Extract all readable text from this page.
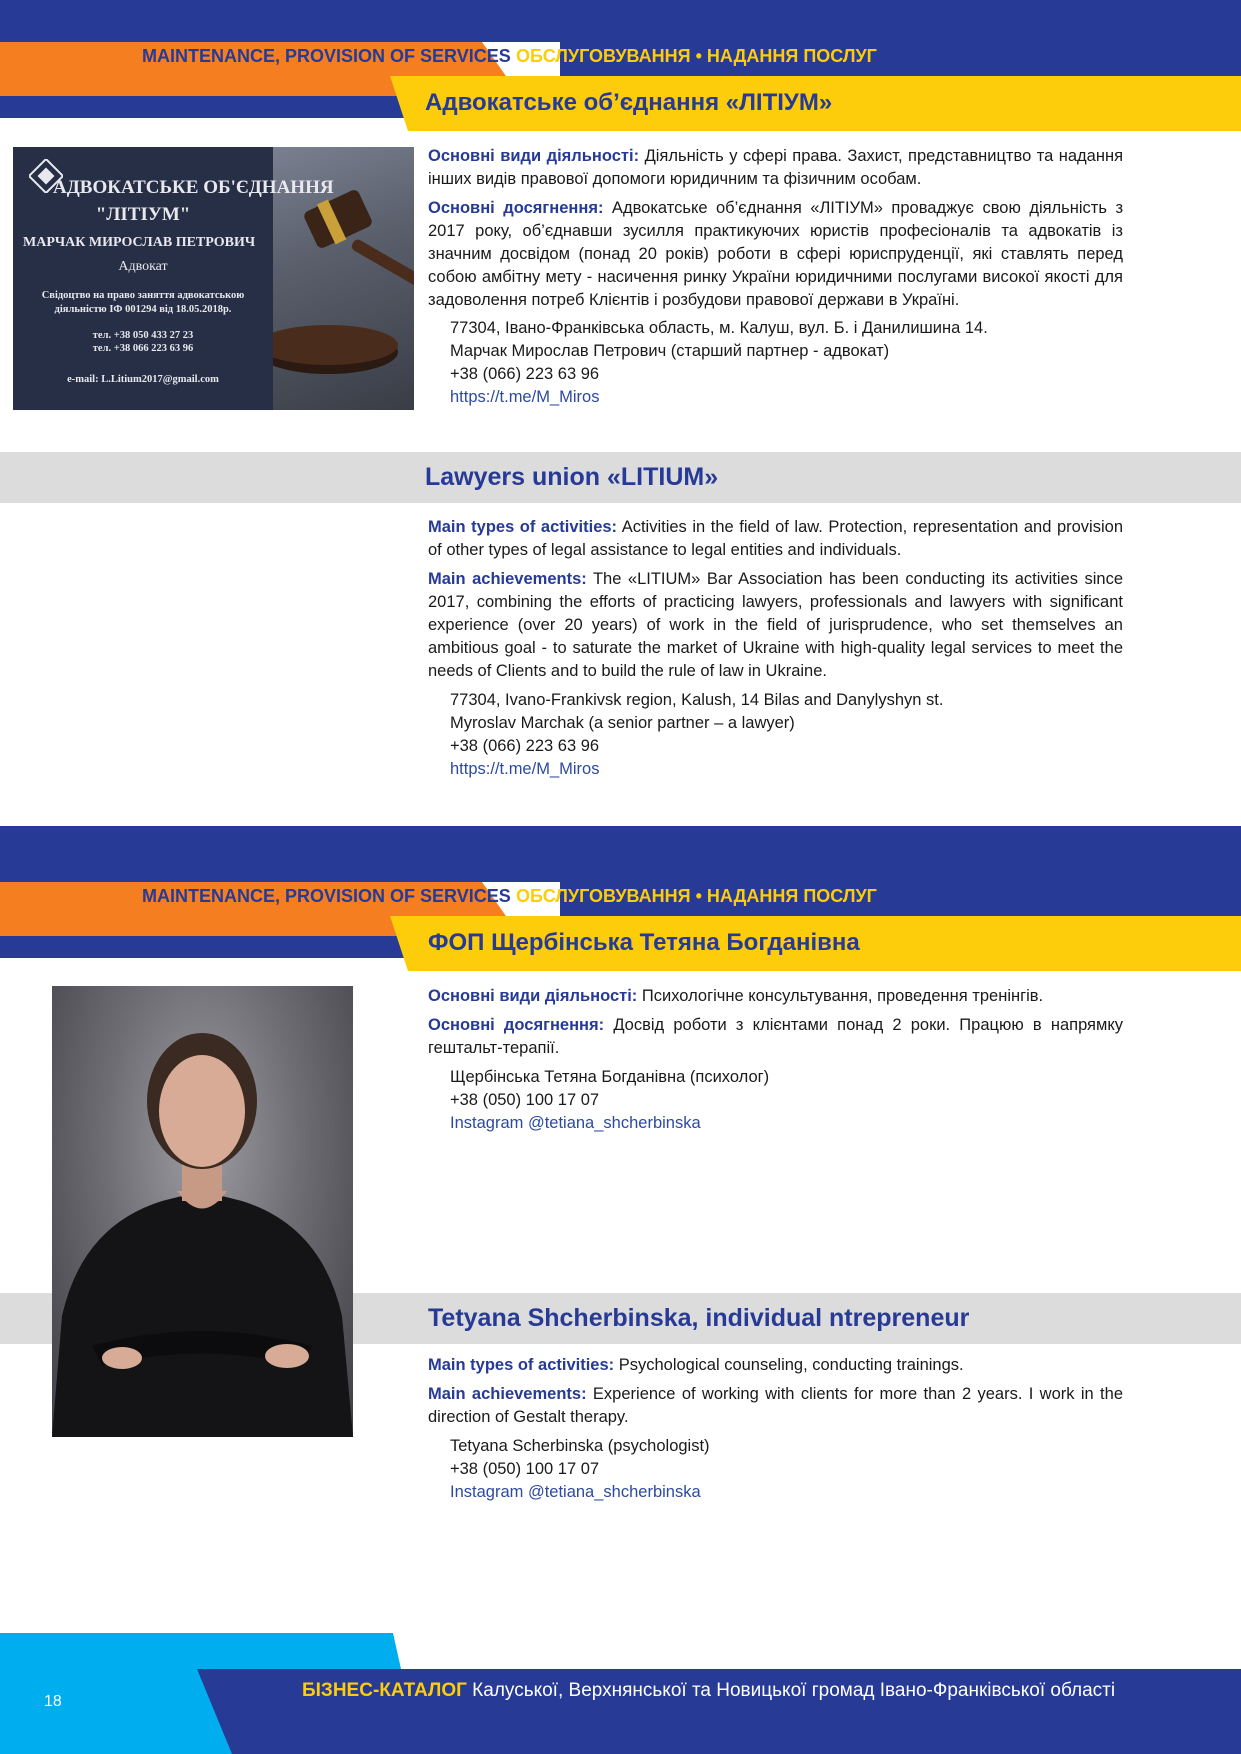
MAINTENANCE, PROVISION OF SERVICES ОБСЛУГОВУВАННЯ • НАДАННЯ ПОСЛУГ
Адвокатське об’єднання «ЛІТІУМ»
АДВОКАТСЬКЕ ОБ'ЄДНАННЯ
"ЛІТІУМ"
МАРЧАК МИРОСЛАВ ПЕТРОВИЧ
Адвокат
Свідоцтво на право заняття адвокатською
діяльністю ІФ 001294 від 18.05.2018р.
тел. +38 050 433 27 23
тел. +38 066 223 63 96
e-mail: L.Litium2017@gmail.com
Основні види діяльності: Діяльність у сфері права. Захист, представництво та надання інших видів правової допомоги юридичним та фізичним особам.
Основні досягнення: Адвокатське об’єднання «ЛІТІУМ» проваджує свою діяльність з 2017 року, об’єднавши зусилля практикуючих юристів професіоналів та адвокатів із значним досвідом (понад 20 років) роботи в сфері юриспруденції, які ставлять перед собою амбітну мету - насичення ринку України юридичними послугами високої якості для задоволення потреб Клієнтів і розбудови правової держави в Україні.
77304, Івано-Франківська область, м. Калуш, вул. Б. і Данилишина 14.
Марчак Мирослав Петрович (старший партнер - адвокат)
+38 (066) 223 63 96
https://t.me/M_Miros
Lawyers union «LITIUM»
Main types of activities: Activities in the field of law. Protection, representation and provision of other types of legal assistance to legal entities and individuals.
Main achievements: The «LITIUM» Bar Association has been conducting its activities since 2017, combining the efforts of practicing lawyers, professionals and lawyers with significant experience (over 20 years) of work in the field of jurisprudence, who set themselves an ambitious goal - to saturate the market of Ukraine with high-quality legal services to meet the needs of Clients and to build the rule of law in Ukraine.
77304, Ivano-Frankivsk region, Kalush, 14 Bilas and Danylyshyn st.
Myroslav Marchak (a senior partner – a lawyer)
+38 (066) 223 63 96
https://t.me/M_Miros
MAINTENANCE, PROVISION OF SERVICES ОБСЛУГОВУВАННЯ • НАДАННЯ ПОСЛУГ
ФОП Щербінська Тетяна Богданівна
Основні види діяльності: Психологічне консультування, проведення тренінгів.
Основні досягнення: Досвід роботи з клієнтами понад 2 роки. Працюю в напрямку гештальт-терапії.
Щербінська Тетяна Богданівна (психолог)
+38 (050) 100 17 07
Instagram @tetiana_shcherbinska
Tetyana Shcherbinska, individual ntrepreneur
Main types of activities: Psychological counseling, conducting trainings.
Main achievements: Experience of working with clients for more than 2 years. I work in the direction of Gestalt therapy.
Tetyana Scherbinska (psychologist)
+38 (050) 100 17 07
Instagram @tetiana_shcherbinska
18
БІЗНЕС-КАТАЛОГ Калуської, Верхнянської та Новицької громад Івано-Франківської області
